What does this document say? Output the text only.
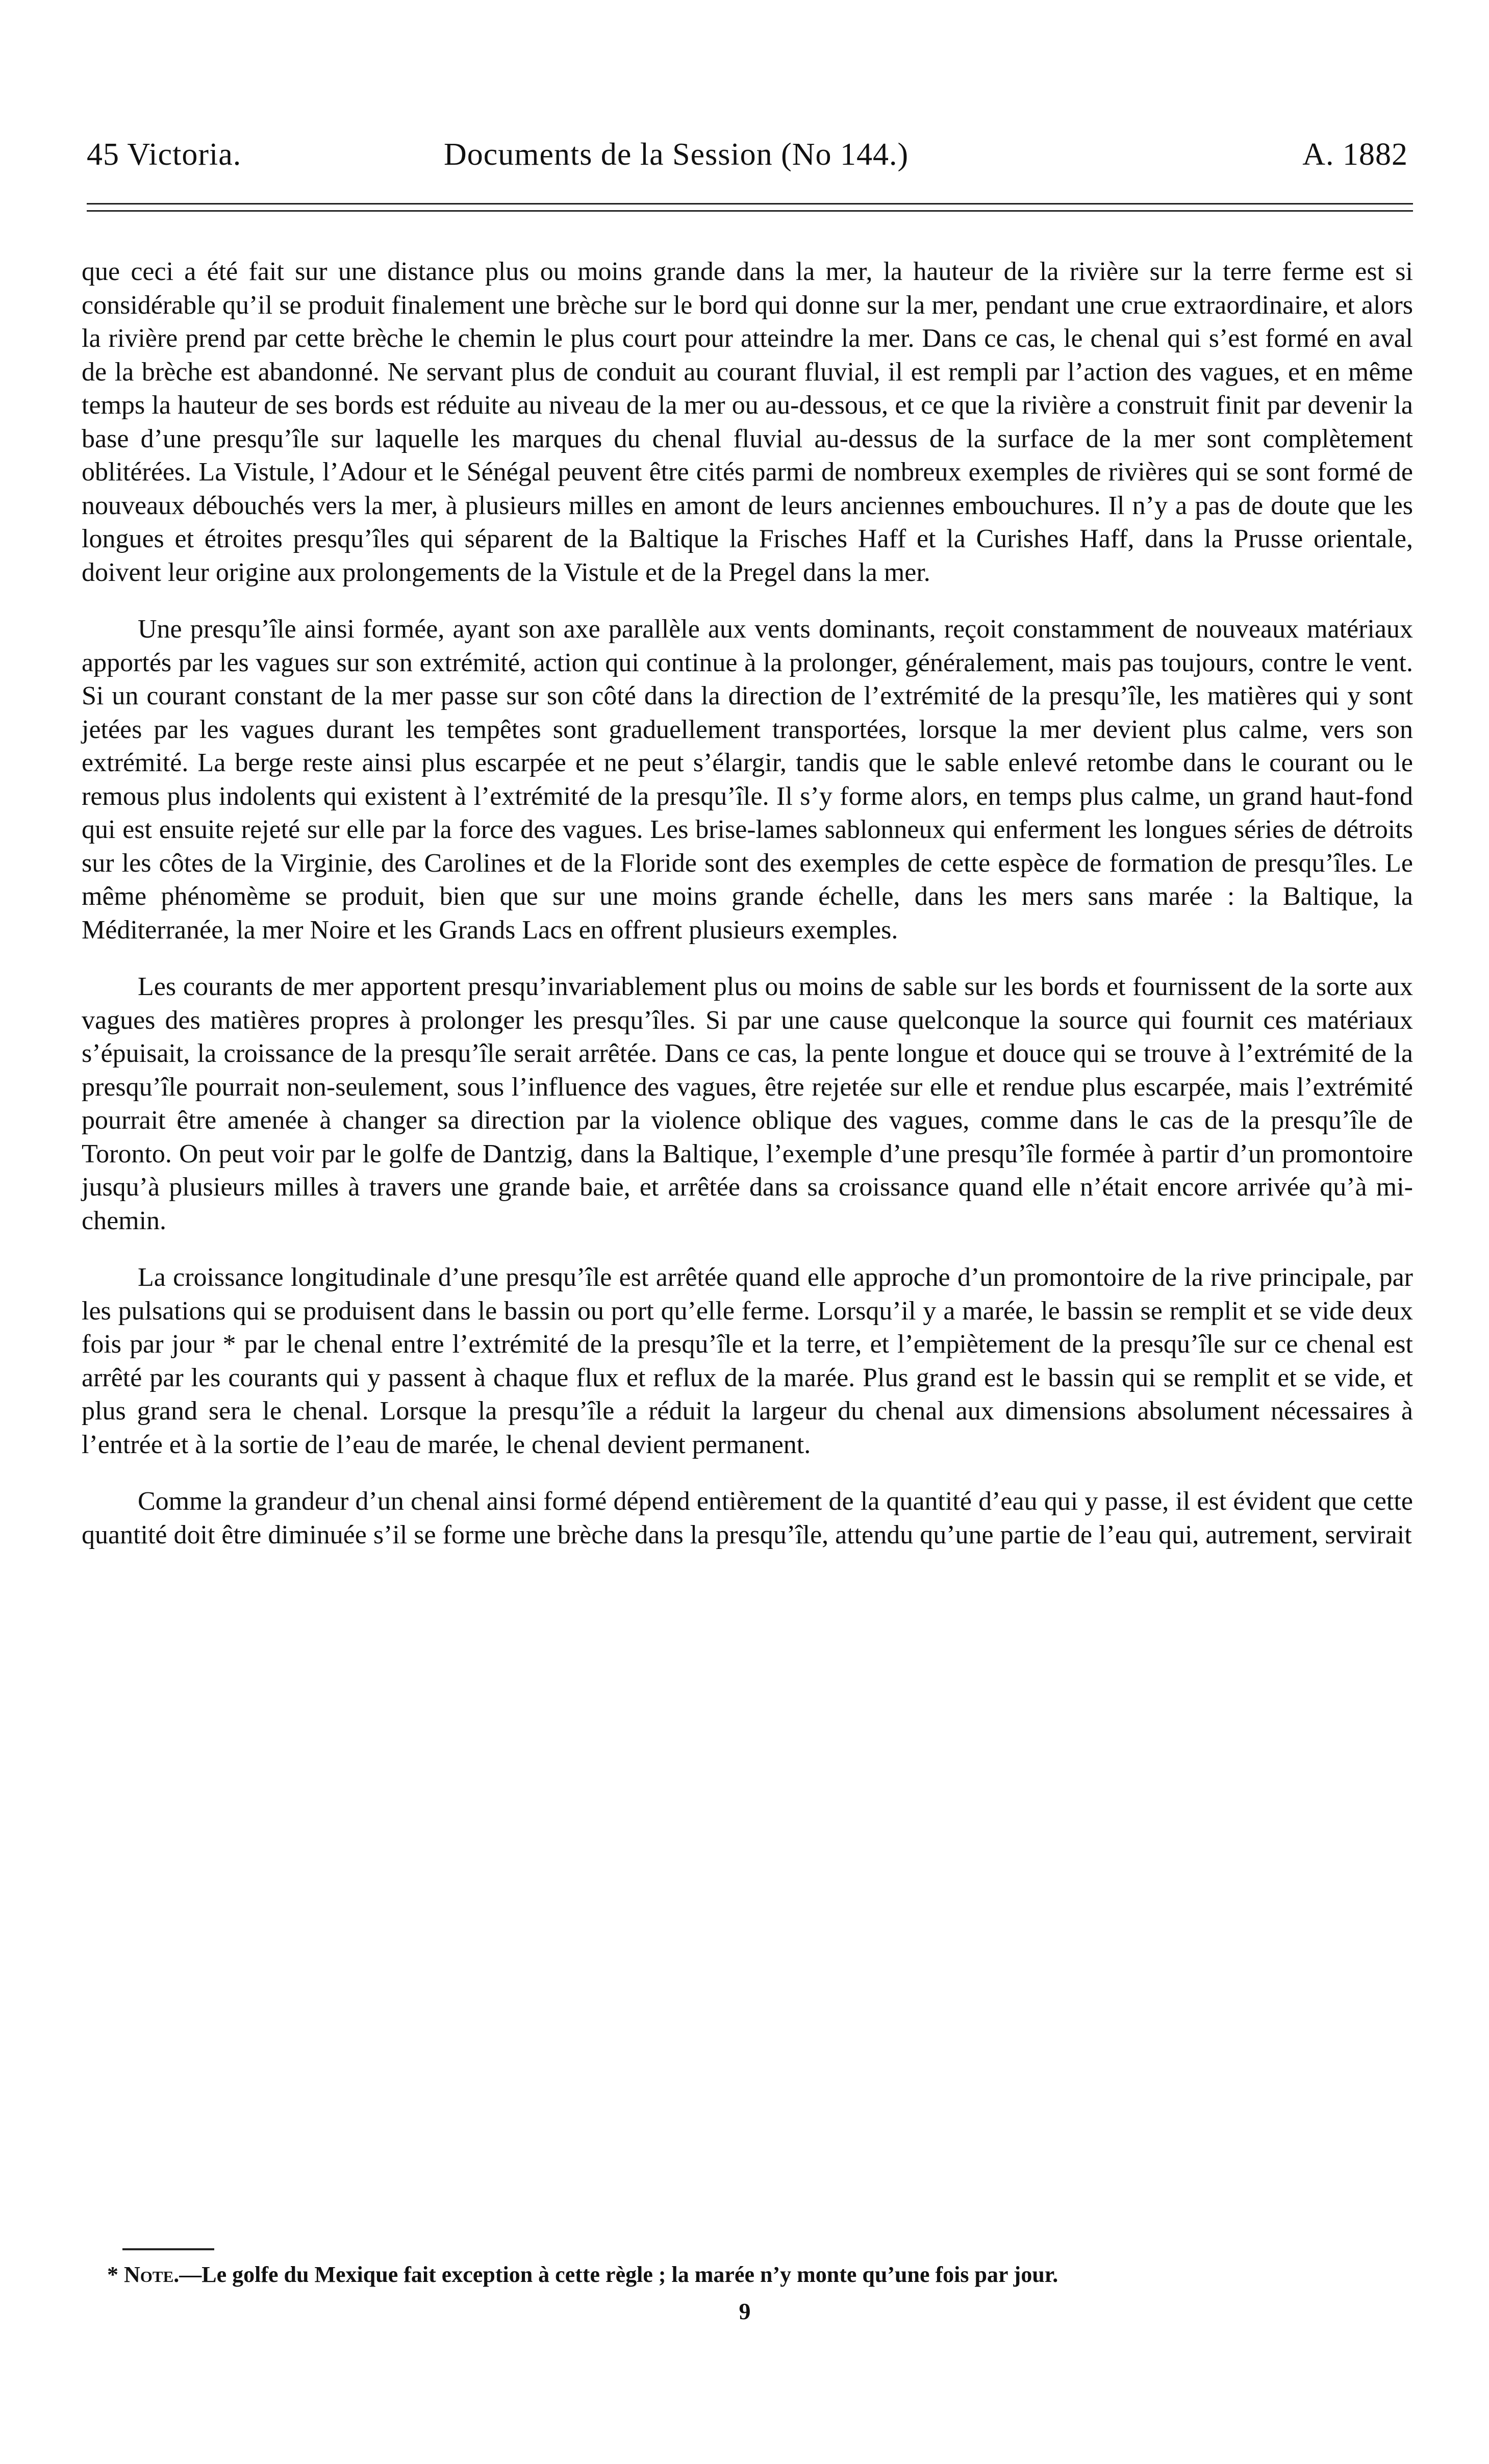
45 Victoria.	Documents de la Session (No 144.)	A. 1882

que ceci a été fait sur une distance plus ou moins grande dans la mer, la hauteur de la rivière sur la terre ferme est si considérable qu’il se produit finalement une brèche sur le bord qui donne sur la mer, pendant une crue extraordinaire, et alors la rivière prend par cette brèche le chemin le plus court pour atteindre la mer. Dans ce cas, le chenal qui s’est formé en aval de la brèche est abandonné. Ne servant plus de conduit au courant fluvial, il est rempli par l’action des vagues, et en même temps la hauteur de ses bords est réduite au niveau de la mer ou au-dessous, et ce que la rivière a construit finit par devenir la base d’une presqu’île sur laquelle les marques du chenal fluvial au-dessus de la surface de la mer sont complètement oblitérées. La Vistule, l’Adour et le Sénégal peuvent être cités parmi de nombreux exemples de rivières qui se sont formé de nouveaux débouchés vers la mer, à plusieurs milles en amont de leurs anciennes embouchures. Il n’y a pas de doute que les longues et étroites presqu’îles qui séparent de la Baltique la Frisches Haff et la Curishes Haff, dans la Prusse orientale, doivent leur origine aux prolongements de la Vistule et de la Pregel dans la mer.

Une presqu’île ainsi formée, ayant son axe parallèle aux vents dominants, reçoit constamment de nouveaux matériaux apportés par les vagues sur son extrémité, action qui continue à la prolonger, généralement, mais pas toujours, contre le vent. Si un courant constant de la mer passe sur son côté dans la direction de l’extrémité de la presqu’île, les matières qui y sont jetées par les vagues durant les tempêtes sont graduellement transportées, lorsque la mer devient plus calme, vers son extrémité. La berge reste ainsi plus escarpée et ne peut s’élargir, tandis que le sable enlevé retombe dans le courant ou le remous plus indolents qui existent à l’extrémité de la presqu’île. Il s’y forme alors, en temps plus calme, un grand haut-fond qui est ensuite rejeté sur elle par la force des vagues. Les brise-lames sablonneux qui enferment les longues séries de détroits sur les côtes de la Virginie, des Carolines et de la Floride sont des exemples de cette espèce de formation de presqu’îles. Le même phénomème se produit, bien que sur une moins grande échelle, dans les mers sans marée : la Baltique, la Méditerranée, la mer Noire et les Grands Lacs en offrent plusieurs exemples.

Les courants de mer apportent presqu’invariablement plus ou moins de sable sur les bords et fournissent de la sorte aux vagues des matières propres à prolonger les presqu’îles. Si par une cause quelconque la source qui fournit ces matériaux s’épuisait, la croissance de la presqu’île serait arrêtée. Dans ce cas, la pente longue et douce qui se trouve à l’extrémité de la presqu’île pourrait non-seulement, sous l’influence des vagues, être rejetée sur elle et rendue plus escarpée, mais l’extrémité pourrait être amenée à changer sa direction par la violence oblique des vagues, comme dans le cas de la presqu’île de Toronto. On peut voir par le golfe de Dantzig, dans la Baltique, l’exemple d’une presqu’île formée à partir d’un promontoire jusqu’à plusieurs milles à travers une grande baie, et arrêtée dans sa croissance quand elle n’était encore arrivée qu’à mi-chemin.

La croissance longitudinale d’une presqu’île est arrêtée quand elle approche d’un promontoire de la rive principale, par les pulsations qui se produisent dans le bassin ou port qu’elle ferme. Lorsqu’il y a marée, le bassin se remplit et se vide deux fois par jour * par le chenal entre l’extrémité de la presqu’île et la terre, et l’empiètement de la presqu’île sur ce chenal est arrêté par les courants qui y passent à chaque flux et reflux de la marée. Plus grand est le bassin qui se remplit et se vide, et plus grand sera le chenal. Lorsque la presqu’île a réduit la largeur du chenal aux dimensions absolument nécessaires à l’entrée et à la sortie de l’eau de marée, le chenal devient permanent.

Comme la grandeur d’un chenal ainsi formé dépend entièrement de la quantité d’eau qui y passe, il est évident que cette quantité doit être diminuée s’il se forme une brèche dans la presqu’île, attendu qu’une partie de l’eau qui, autrement, servirait

* Note.—Le golfe du Mexique fait exception à cette règle ; la marée n’y monte qu’une fois par jour.
9
